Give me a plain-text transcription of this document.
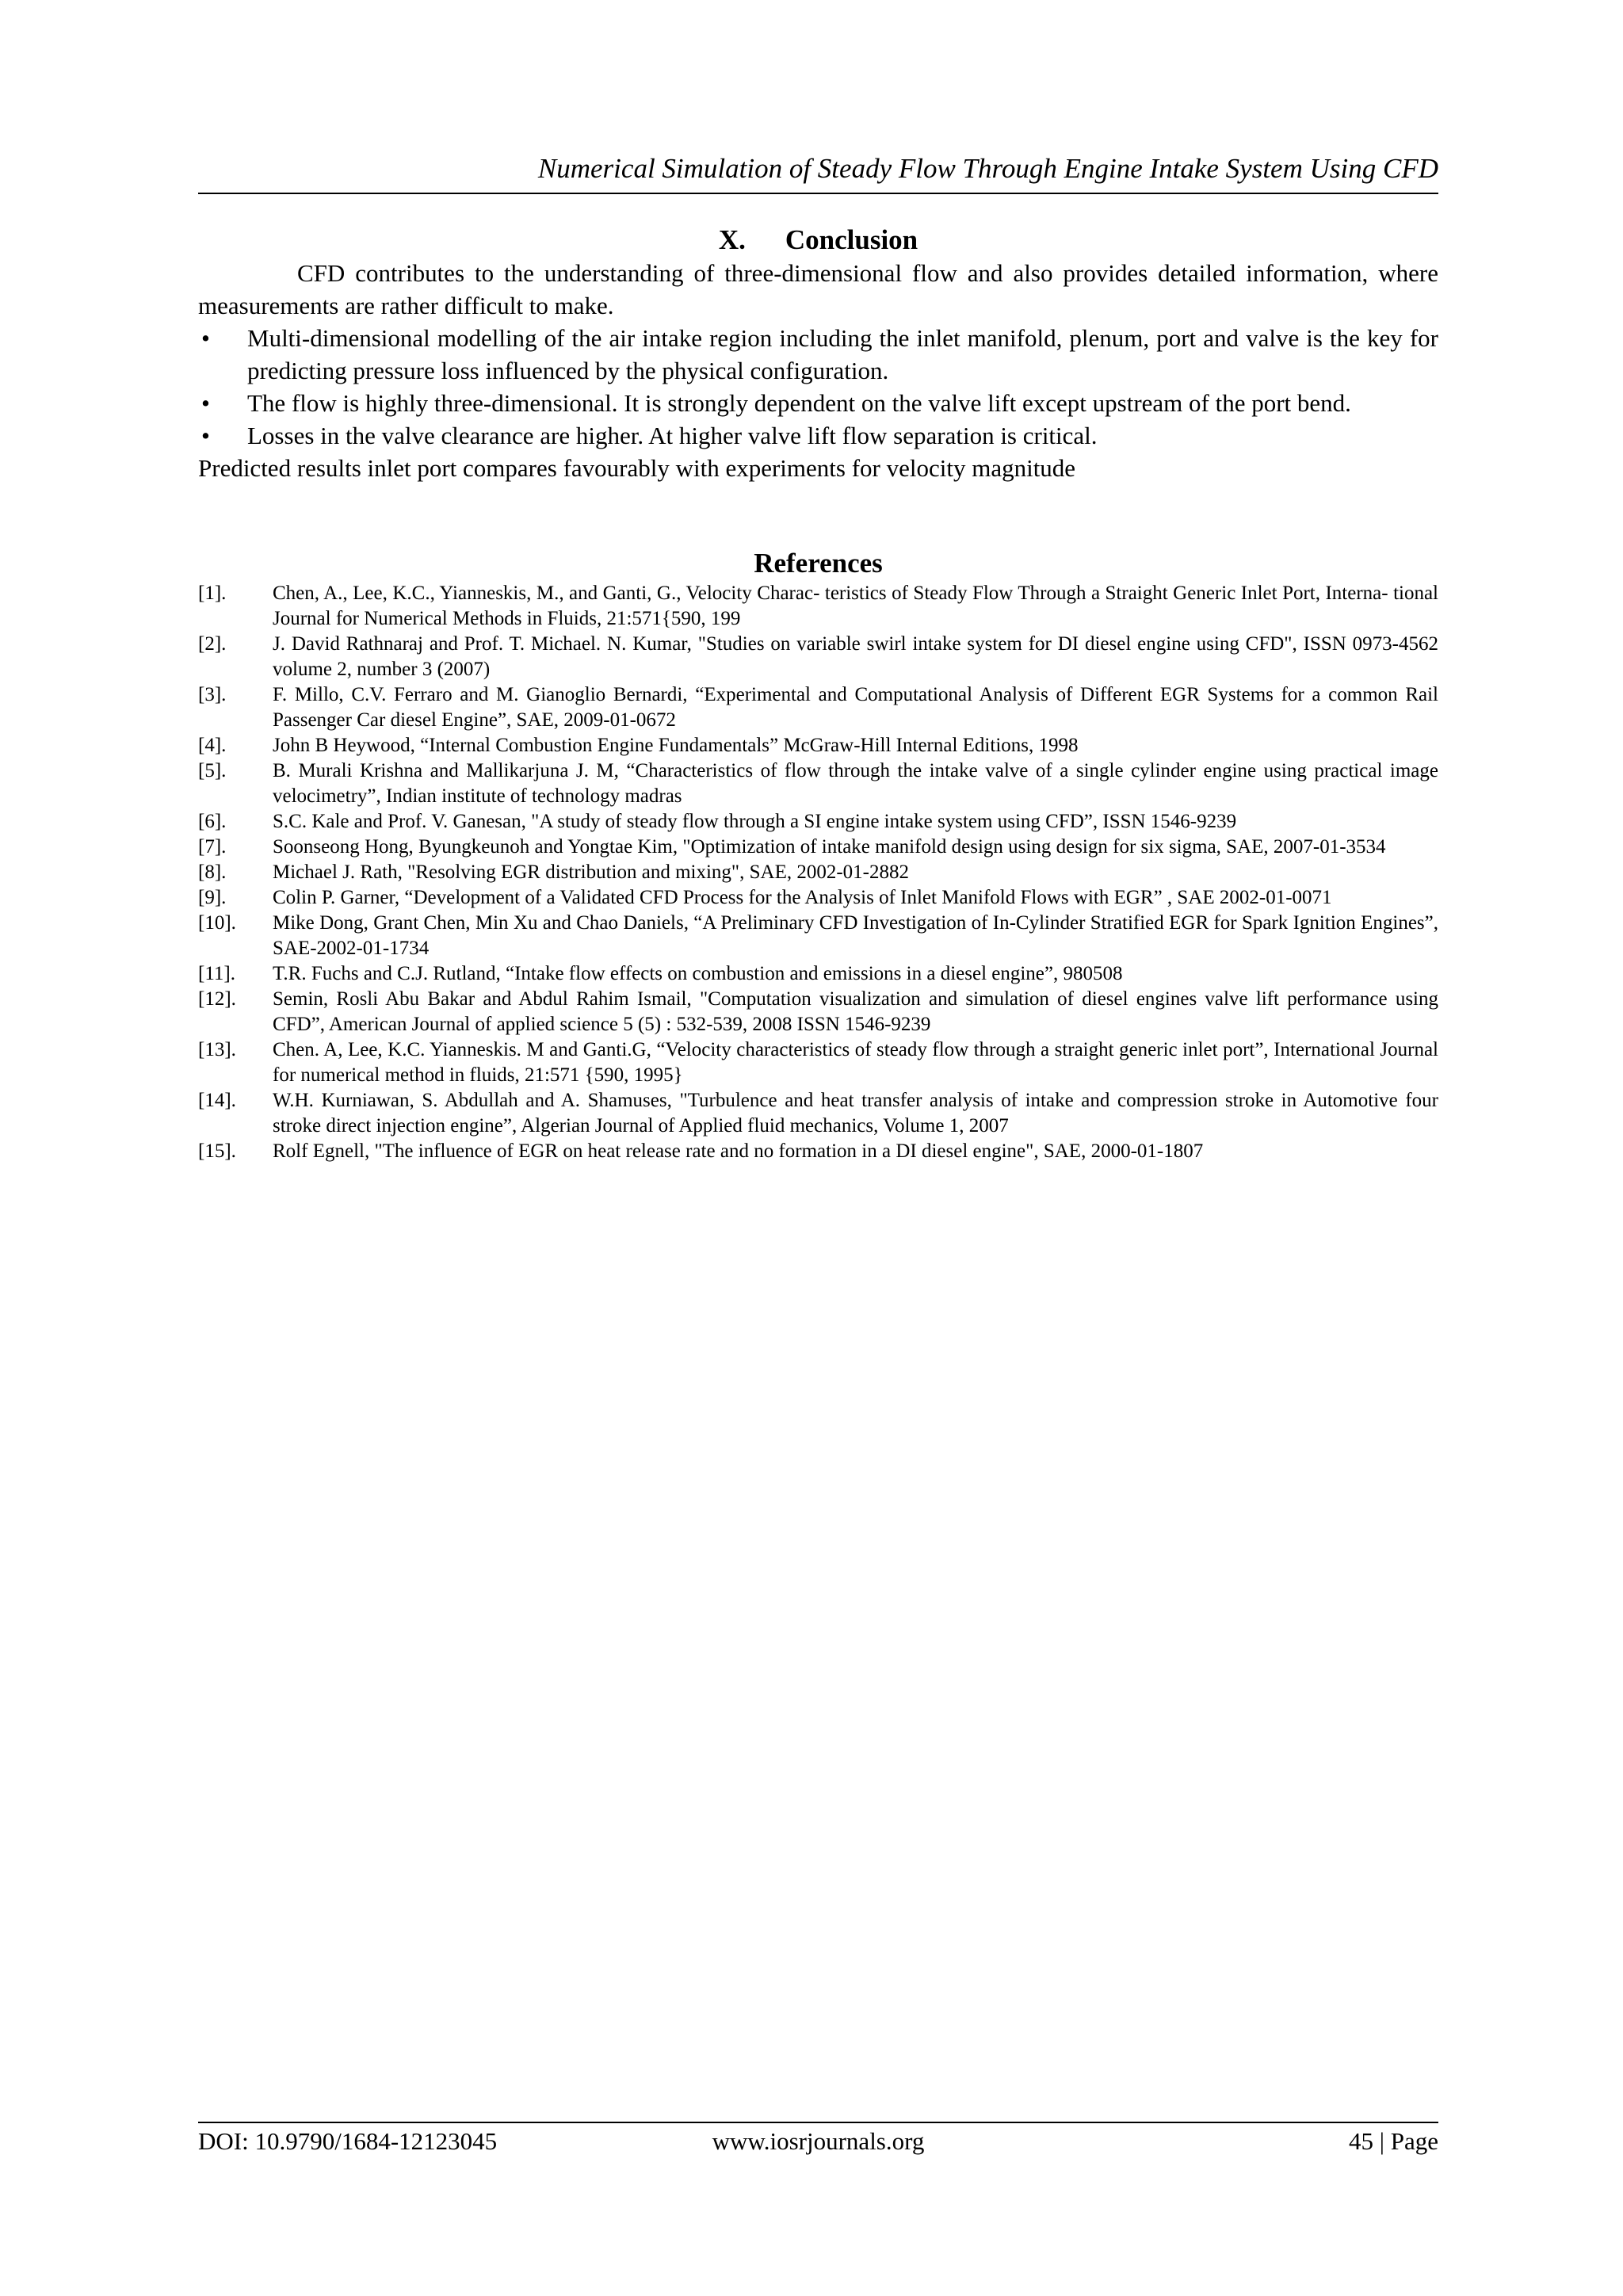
Numerical Simulation of Steady Flow Through Engine Intake System Using CFD
X. Conclusion

CFD contributes to the understanding of three-dimensional flow and also provides detailed information, where measurements are rather difficult to make.

• Multi-dimensional modelling of the air intake region including the inlet manifold, plenum, port and valve is the key for predicting pressure loss influenced by the physical configuration.
• The flow is highly three-dimensional. It is strongly dependent on the valve lift except upstream of the port bend.
• Losses in the valve clearance are higher. At higher valve lift flow separation is critical.

Predicted results inlet port compares favourably with experiments for velocity magnitude

References
[1]. Chen, A., Lee, K.C., Yianneskis, M., and Ganti, G., Velocity Charac- teristics of Steady Flow Through a Straight Generic Inlet Port, Interna- tional Journal for Numerical Methods in Fluids, 21:571{590, 199
[2]. J. David Rathnaraj and Prof. T. Michael. N. Kumar, "Studies on variable swirl intake system for DI diesel engine using CFD", ISSN 0973-4562 volume 2, number 3 (2007)
[3]. F. Millo, C.V. Ferraro and M. Gianoglio Bernardi, “Experimental and Computational Analysis of Different EGR Systems for a common Rail Passenger Car diesel Engine”, SAE, 2009-01-0672
[4]. John B Heywood, “Internal Combustion Engine Fundamentals” McGraw-Hill Internal Editions, 1998
[5]. B. Murali Krishna and Mallikarjuna J. M, “Characteristics of flow through the intake valve of a single cylinder engine using practical image velocimetry”, Indian institute of technology madras
[6]. S.C. Kale and Prof. V. Ganesan, "A study of steady flow through a SI engine intake system using CFD”, ISSN 1546-9239
[7]. Soonseong Hong, Byungkeunoh and Yongtae Kim, "Optimization of intake manifold design using design for six sigma, SAE, 2007-01-3534
[8]. Michael J. Rath, "Resolving EGR distribution and mixing", SAE, 2002-01-2882
[9]. Colin P. Garner, “Development of a Validated CFD Process for the Analysis of Inlet Manifold Flows with EGR” , SAE 2002-01-0071
[10]. Mike Dong, Grant Chen, Min Xu and Chao Daniels, “A Preliminary CFD Investigation of In-Cylinder Stratified EGR for Spark Ignition Engines”, SAE-2002-01-1734
[11]. T.R. Fuchs and C.J. Rutland, “Intake flow effects on combustion and emissions in a diesel engine”, 980508
[12]. Semin, Rosli Abu Bakar and Abdul Rahim Ismail, "Computation visualization and simulation of diesel engines valve lift performance using CFD”, American Journal of applied science 5 (5) : 532-539, 2008 ISSN 1546-9239
[13]. Chen. A, Lee, K.C. Yianneskis. M and Ganti.G, “Velocity characteristics of steady flow through a straight generic inlet port”, International Journal for numerical method in fluids, 21:571 {590, 1995}
[14]. W.H. Kurniawan, S. Abdullah and A. Shamuses, "Turbulence and heat transfer analysis of intake and compression stroke in Automotive four stroke direct injection engine”, Algerian Journal of Applied fluid mechanics, Volume 1, 2007
[15]. Rolf Egnell, "The influence of EGR on heat release rate and no formation in a DI diesel engine", SAE, 2000-01-1807
DOI: 10.9790/1684-12123045	www.iosrjournals.org	45 | Page
